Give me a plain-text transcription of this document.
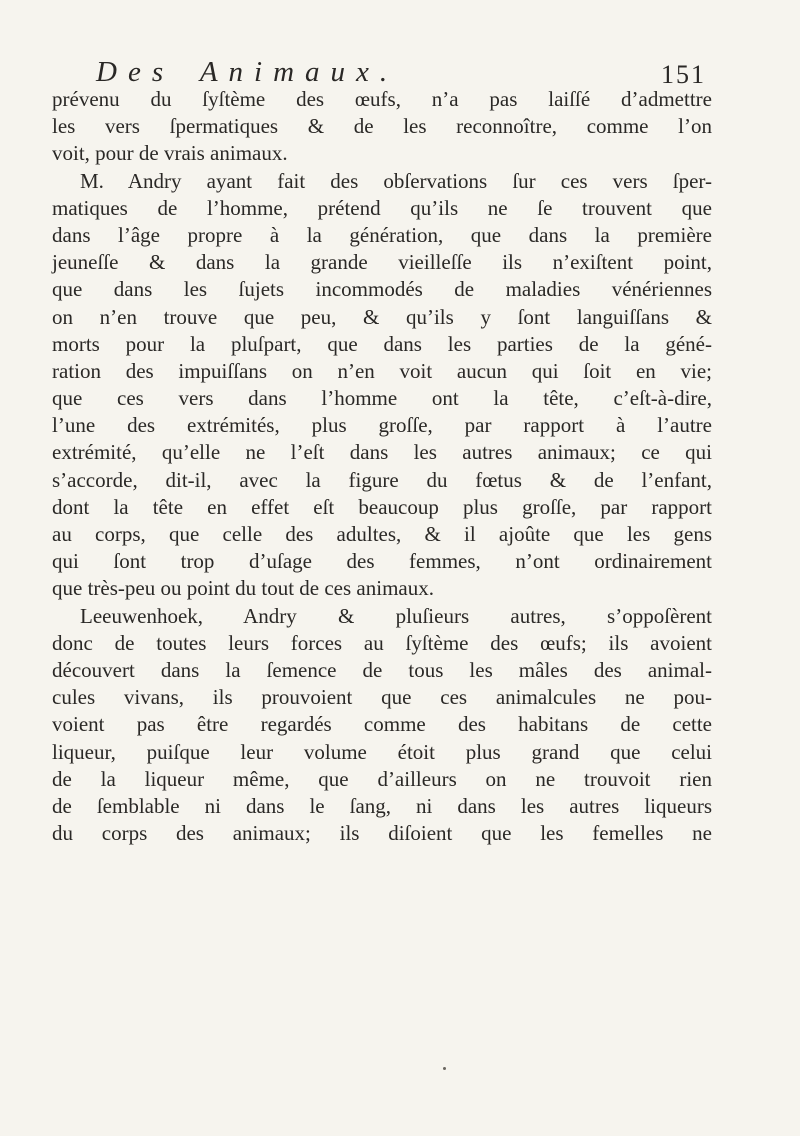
Des Animaux.	151
prévenu du ſyſtème des œufs, n’a pas laiſſé d’admettre
les vers ſpermatiques & de les reconnoître, comme l’on
voit, pour de vrais animaux.
M. Andry ayant fait des obſervations ſur ces vers ſper-
matiques de l’homme, prétend qu’ils ne ſe trouvent que
dans l’âge propre à la génération, que dans la première
jeuneſſe & dans la grande vieilleſſe ils n’exiſtent point,
que dans les ſujets incommodés de maladies vénériennes
on n’en trouve que peu, & qu’ils y ſont languiſſans &
morts pour la pluſpart, que dans les parties de la géné-
ration des impuiſſans on n’en voit aucun qui ſoit en vie;
que ces vers dans l’homme ont la tête, c’eſt-à-dire,
l’une des extrémités, plus groſſe, par rapport à l’autre
extrémité, qu’elle ne l’eſt dans les autres animaux; ce qui
s’accorde, dit-il, avec la figure du fœtus & de l’enfant,
dont la tête en effet eſt beaucoup plus groſſe, par rapport
au corps, que celle des adultes, & il ajoûte que les gens
qui ſont trop d’uſage des femmes, n’ont ordinairement
que très-peu ou point du tout de ces animaux.
Leeuwenhoek, Andry & pluſieurs autres, s’oppoſèrent
donc de toutes leurs forces au ſyſtème des œufs; ils avoient
découvert dans la ſemence de tous les mâles des animal-
cules vivans, ils prouvoient que ces animalcules ne pou-
voient pas être regardés comme des habitans de cette
liqueur, puiſque leur volume étoit plus grand que celui
de la liqueur même, que d’ailleurs on ne trouvoit rien
de ſemblable ni dans le ſang, ni dans les autres liqueurs
du corps des animaux; ils diſoient que les femelles ne
